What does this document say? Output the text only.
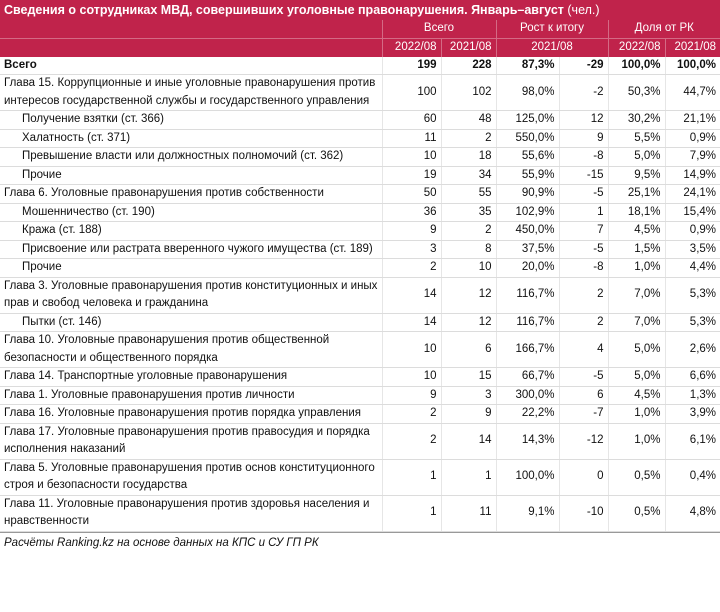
Сведения о сотрудниках МВД, совершивших уголовные правонарушения. Январь–август (чел.)
	Всего		Рост к итогу		Доля от РК	
	2022/08	2021/08	2021/08		2022/08	2021/08
Всего	199	228	87,3%	-29	100,0%	100,0%
Глава 15. Коррупционные и иные уголовные правонарушения против интересов государственной службы и государственного управления	100	102	98,0%	-2	50,3%	44,7%
Получение взятки (ст. 366)	60	48	125,0%	12	30,2%	21,1%
Халатность (ст. 371)	11	2	550,0%	9	5,5%	0,9%
Превышение власти или должностных полномочий (ст. 362)	10	18	55,6%	-8	5,0%	7,9%
Прочие	19	34	55,9%	-15	9,5%	14,9%
Глава 6. Уголовные правонарушения против собственности	50	55	90,9%	-5	25,1%	24,1%
Мошенничество (ст. 190)	36	35	102,9%	1	18,1%	15,4%
Кража (ст. 188)	9	2	450,0%	7	4,5%	0,9%
Присвоение или растрата вверенного чужого имущества (ст. 189)	3	8	37,5%	-5	1,5%	3,5%
Прочие	2	10	20,0%	-8	1,0%	4,4%
Глава 3. Уголовные правонарушения против конституционных и иных прав и свобод человека и гражданина	14	12	116,7%	2	7,0%	5,3%
Пытки (ст. 146)	14	12	116,7%	2	7,0%	5,3%
Глава 10. Уголовные правонарушения против общественной безопасности и общественного порядка	10	6	166,7%	4	5,0%	2,6%
Глава 14. Транспортные уголовные правонарушения	10	15	66,7%	-5	5,0%	6,6%
Глава 1. Уголовные правонарушения против личности	9	3	300,0%	6	4,5%	1,3%
Глава 16. Уголовные правонарушения против порядка управления	2	9	22,2%	-7	1,0%	3,9%
Глава 17. Уголовные правонарушения против правосудия и порядка исполнения наказаний	2	14	14,3%	-12	1,0%	6,1%
Глава 5. Уголовные правонарушения против основ конституционного строя и безопасности государства	1	1	100,0%	0	0,5%	0,4%
Глава 11. Уголовные правонарушения против здоровья населения и нравственности	1	11	9,1%	-10	0,5%	4,8%
Расчёты Ranking.kz на основе данных на КПС и СУ ГП РК
